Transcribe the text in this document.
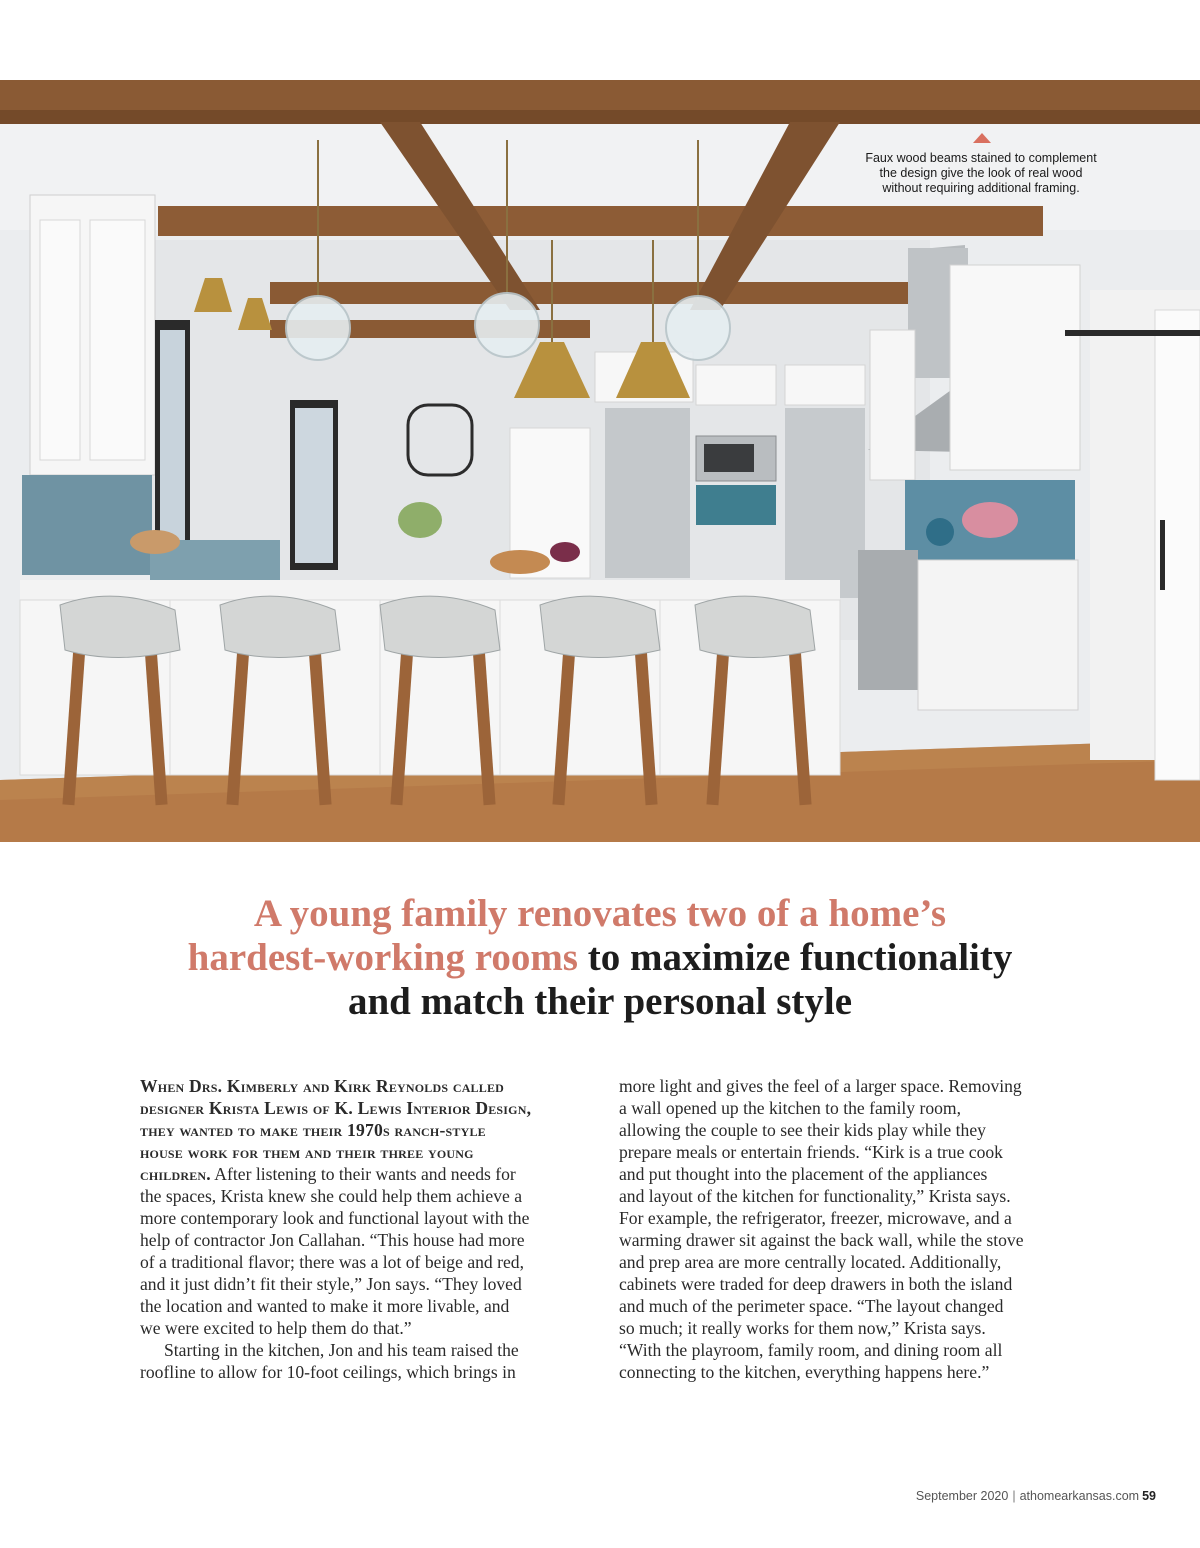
Faux wood beams stained to complement
the design give the look of real wood
without requiring additional framing.
A young family renovates two of a home’s
hardest-working rooms to maximize functionality
and match their personal style
When Drs. Kimberly and Kirk Reynolds called
designer Krista Lewis of K. Lewis Interior Design,
they wanted to make their 1970s ranch-style
house work for them and their three young
children. After listening to their wants and needs for
the spaces, Krista knew she could help them achieve a
more contemporary look and functional layout with the
help of contractor Jon Callahan. “This house had more
of a traditional flavor; there was a lot of beige and red,
and it just didn’t fit their style,” Jon says. “They loved
the location and wanted to make it more livable, and
we were excited to help them do that.”
Starting in the kitchen, Jon and his team raised the
roofline to allow for 10-foot ceilings, which brings in
more light and gives the feel of a larger space. Removing
a wall opened up the kitchen to the family room,
allowing the couple to see their kids play while they
prepare meals or entertain friends. “Kirk is a true cook
and put thought into the placement of the appliances
and layout of the kitchen for functionality,” Krista says.
For example, the refrigerator, freezer, microwave, and a
warming drawer sit against the back wall, while the stove
and prep area are more centrally located. Additionally,
cabinets were traded for deep drawers in both the island
and much of the perimeter space. “The layout changed
so much; it really works for them now,” Krista says.
“With the playroom, family room, and dining room all
connecting to the kitchen, everything happens here.”
September 2020 | athomearkansas.com 59
